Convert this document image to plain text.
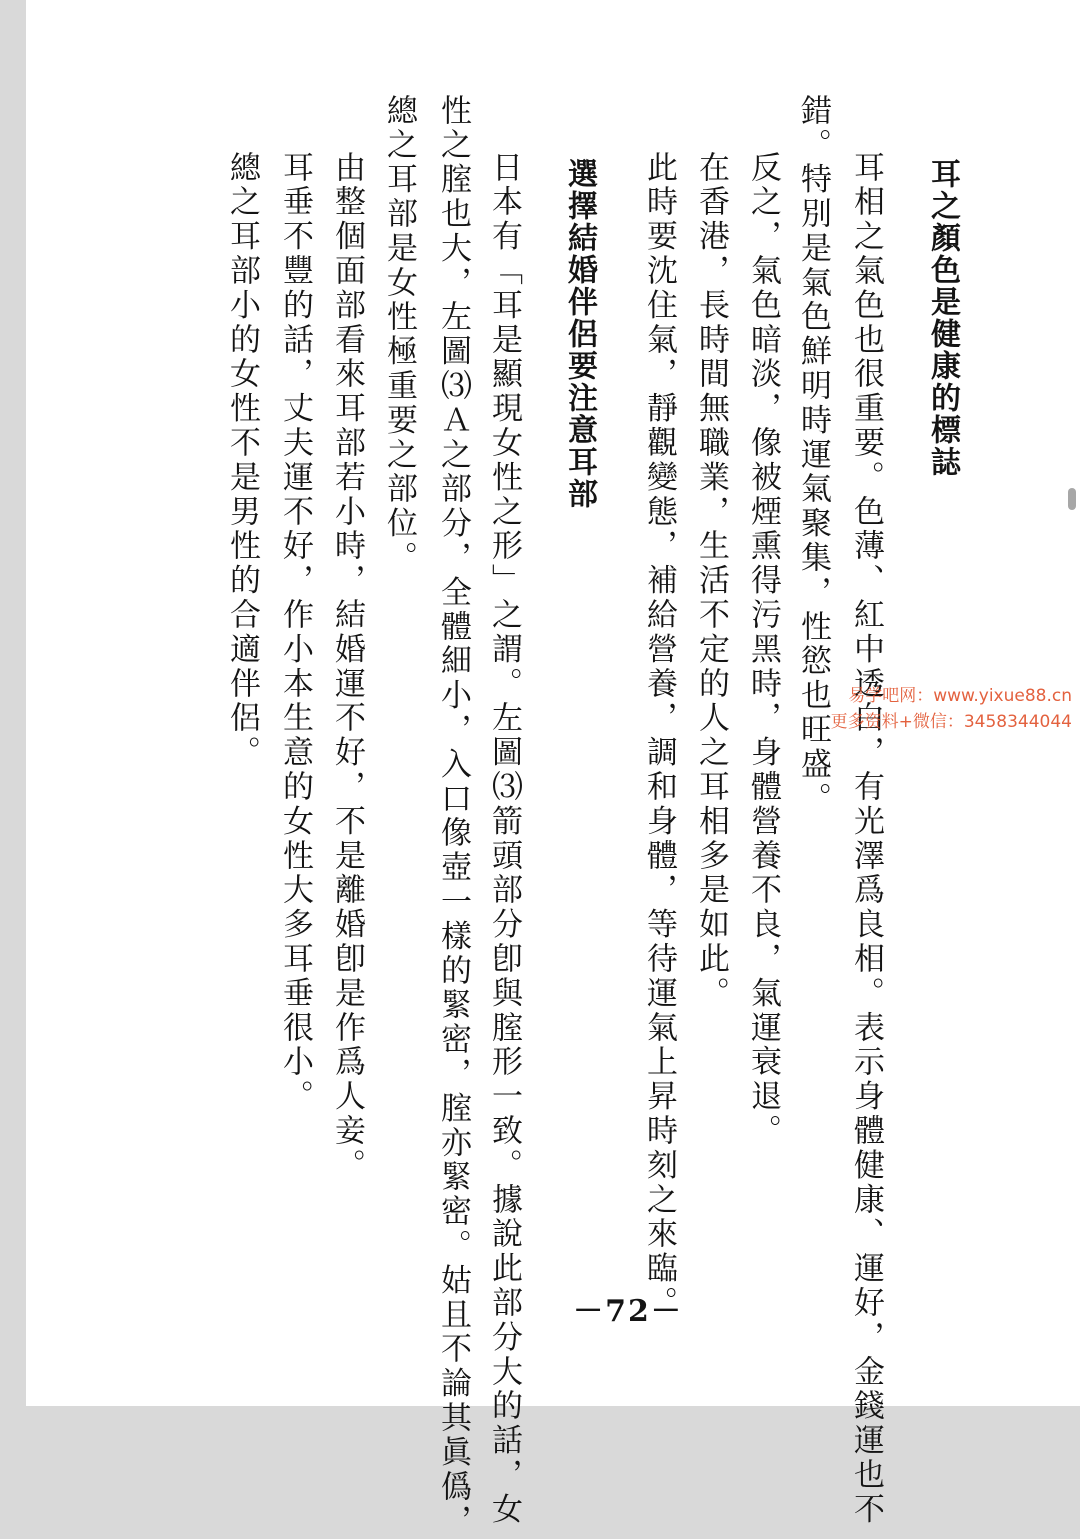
耳之顏色是健康的標誌
耳相之氣色也很重要。色薄、紅中透白，有光澤爲良相。表示身體健康、運好，金錢運也不
錯。特別是氣色鮮明時運氣聚集，性慾也旺盛。
反之，氣色暗淡，像被煙熏得污黑時，身體營養不良，氣運衰退。
在香港，長時間無職業，生活不定的人之耳相多是如此。
此時要沈住氣，靜觀變態，補給營養，調和身體，等待運氣上昇時刻之來臨。
選擇結婚伴侶要注意耳部
日本有「耳是顯現女性之形」之謂。左圖⑶箭頭部分卽與腟形一致。據說此部分大的話，女
性之腟也大，左圖⑶Ａ之部分，全體細小，入口像壺一樣的緊密，腟亦緊密。姑且不論其眞僞，
總之耳部是女性極重要之部位。
由整個面部看來耳部若小時，結婚運不好，不是離婚卽是作爲人妾。
耳垂不豐的話，丈夫運不好，作小本生意的女性大多耳垂很小。
總之耳部小的女性不是男性的合適伴侶。
－72－
易学吧网：www.yixue88.cn
更多资料+微信：3458344044
